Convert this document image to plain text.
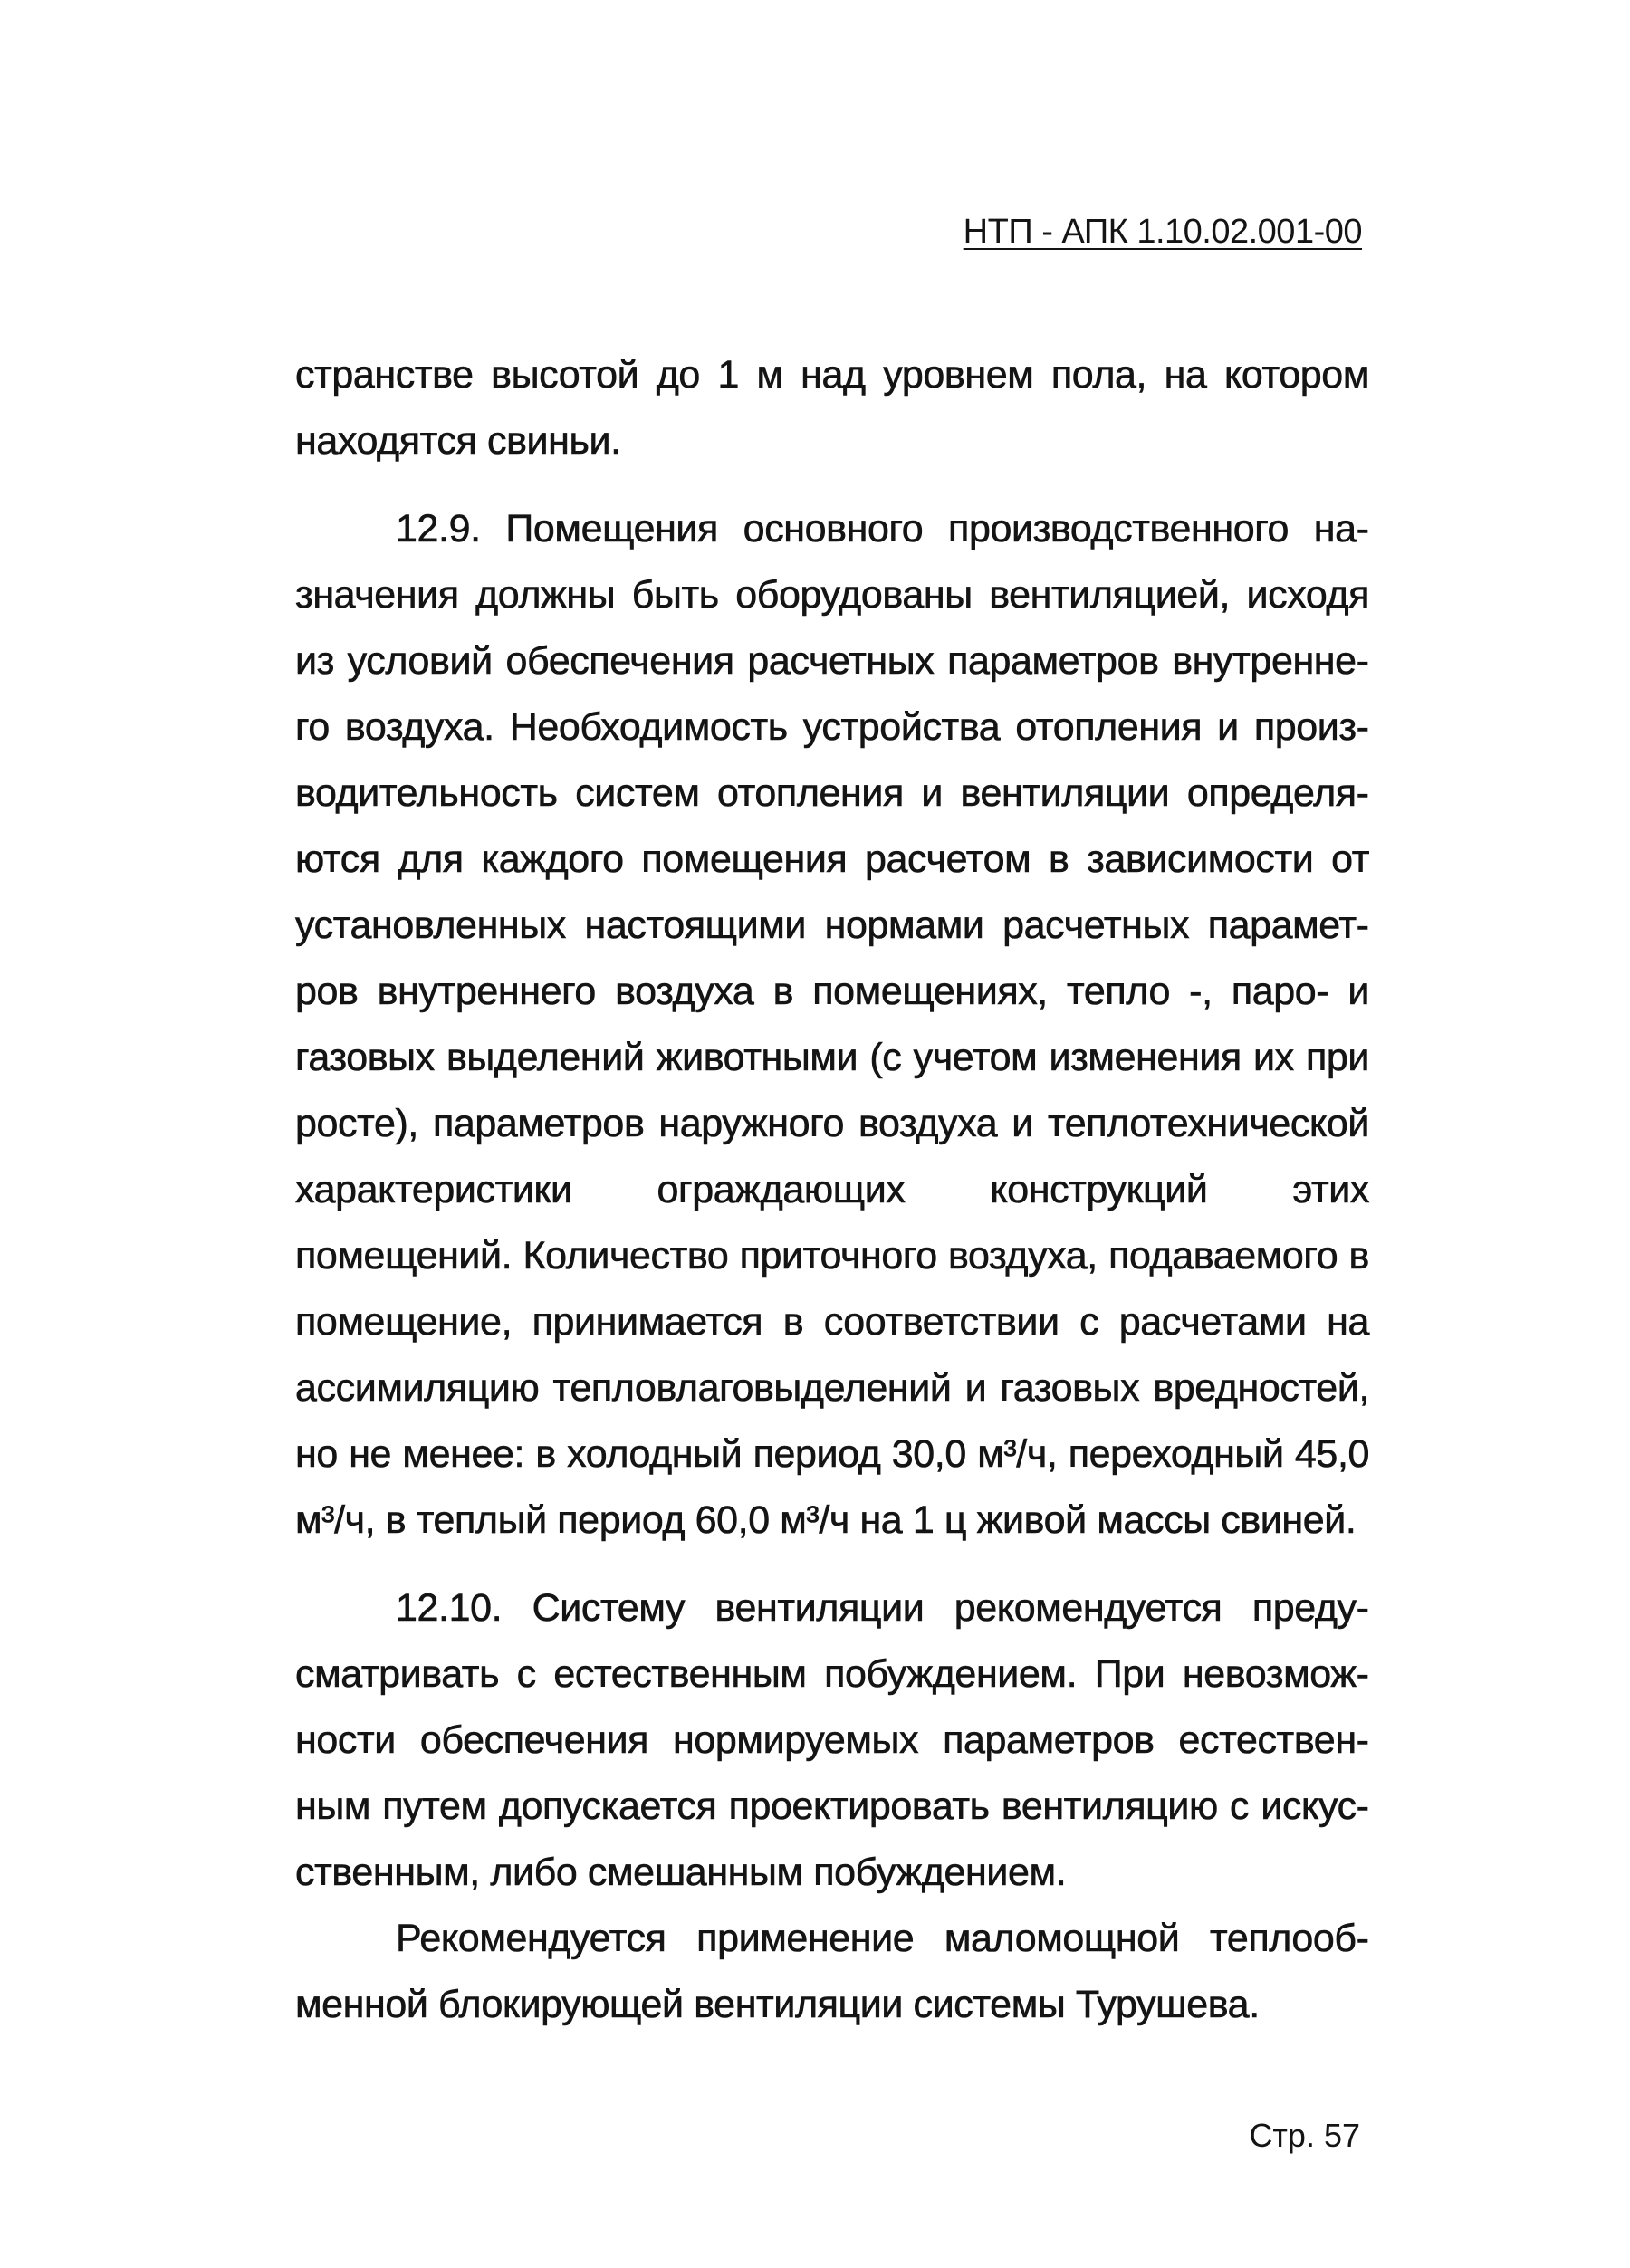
НТП - АПК 1.10.02.001-00

странстве высотой до 1 м над уровнем пола, на котором находятся свиньи.

12.9. Помещения основного производственного назначения должны быть оборудованы вентиляцией, исходя из условий обеспечения расчетных параметров внутреннего воздуха. Необходимость устройства отопления и производительность систем отопления и вентиляции определяются для каждого помещения расчетом в зависимости от установленных настоящими нормами расчетных параметров внутреннего воздуха в помещениях, тепло -, паро- и газовых выделений животными (с учетом изменения их при росте), параметров наружного воздуха и теплотехнической характеристики ограждающих конструкций этих помещений. Количество приточного воздуха, подаваемого в помещение, принимается в соответствии с расчетами на ассимиляцию тепловлаговыделений и газовых вредностей, но не менее: в холодный период 30,0 м³/ч, переходный 45,0 м³/ч, в теплый период 60,0 м³/ч на 1 ц живой массы свиней.

12.10. Систему вентиляции рекомендуется предусматривать с естественным побуждением. При невозможности обеспечения нормируемых параметров естественным путем допускается проектировать вентиляцию с искусственным, либо смешанным побуждением.

Рекомендуется применение маломощной теплообменной блокирующей вентиляции системы Турушева.

Стр. 57
